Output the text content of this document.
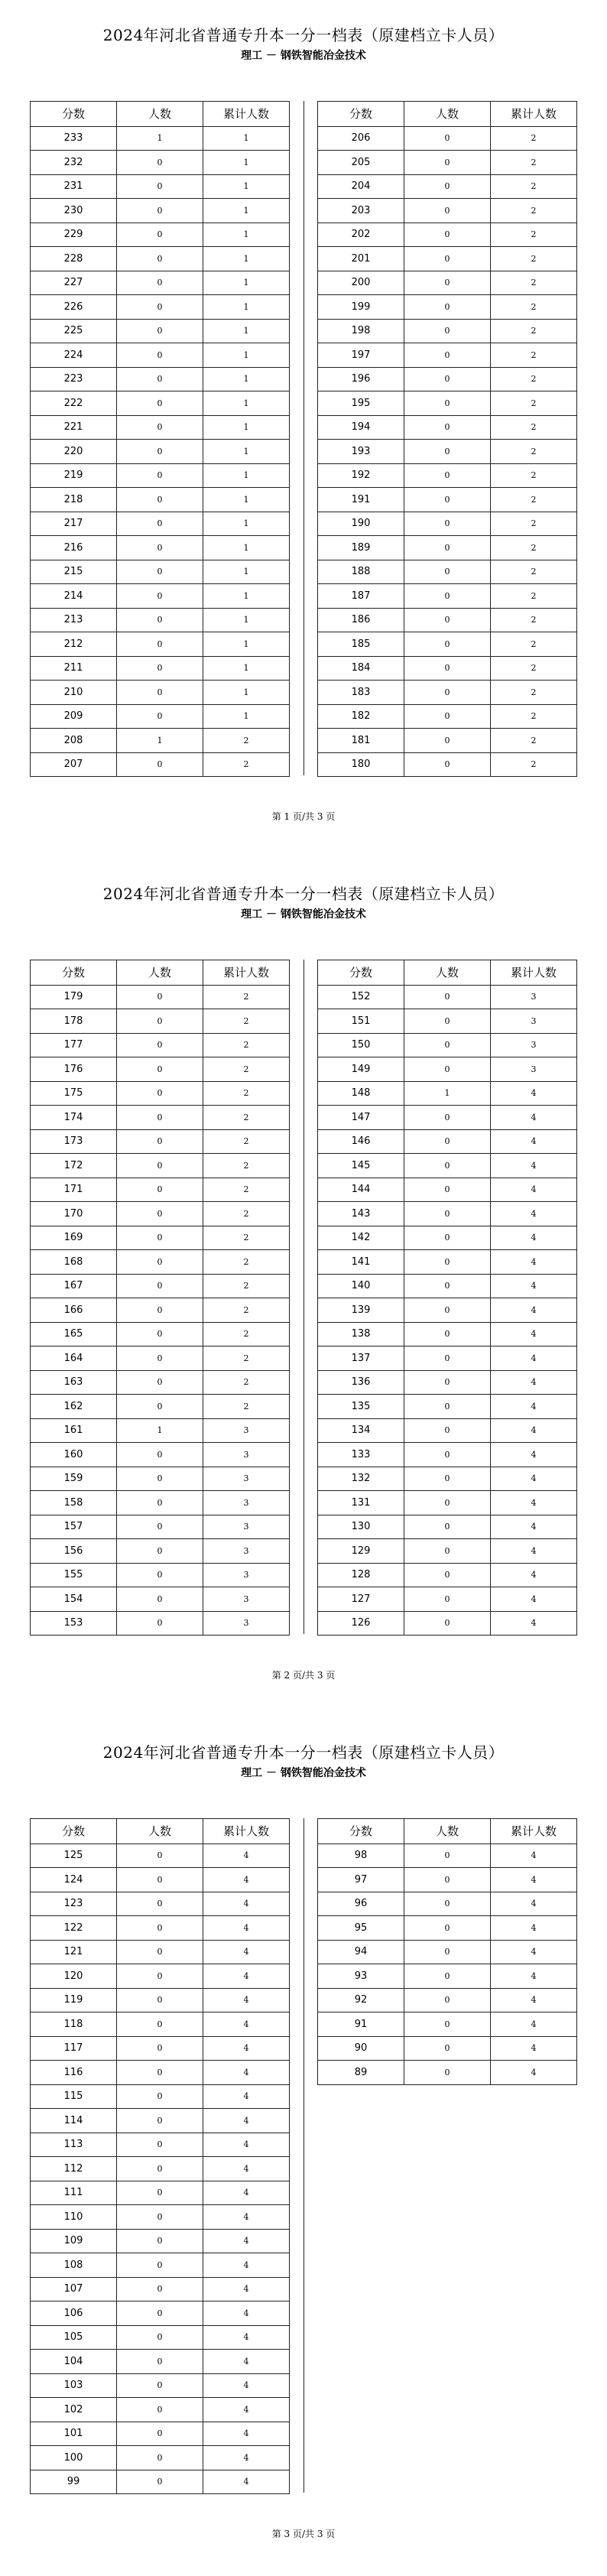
2024年河北省普通专升本一分一档表（原建档立卡人员）
理工 － 钢铁智能冶金技术
分数	人数	累计人数
233	1	1
232	0	1
231	0	1
230	0	1
229	0	1
228	0	1
227	0	1
226	0	1
225	0	1
224	0	1
223	0	1
222	0	1
221	0	1
220	0	1
219	0	1
218	0	1
217	0	1
216	0	1
215	0	1
214	0	1
213	0	1
212	0	1
211	0	1
210	0	1
209	0	1
208	1	2
207	0	2
分数	人数	累计人数
206	0	2
205	0	2
204	0	2
203	0	2
202	0	2
201	0	2
200	0	2
199	0	2
198	0	2
197	0	2
196	0	2
195	0	2
194	0	2
193	0	2
192	0	2
191	0	2
190	0	2
189	0	2
188	0	2
187	0	2
186	0	2
185	0	2
184	0	2
183	0	2
182	0	2
181	0	2
180	0	2
第 1 页/共 3 页
2024年河北省普通专升本一分一档表（原建档立卡人员）
理工 － 钢铁智能冶金技术
分数	人数	累计人数
179	0	2
178	0	2
177	0	2
176	0	2
175	0	2
174	0	2
173	0	2
172	0	2
171	0	2
170	0	2
169	0	2
168	0	2
167	0	2
166	0	2
165	0	2
164	0	2
163	0	2
162	0	2
161	1	3
160	0	3
159	0	3
158	0	3
157	0	3
156	0	3
155	0	3
154	0	3
153	0	3
分数	人数	累计人数
152	0	3
151	0	3
150	0	3
149	0	3
148	1	4
147	0	4
146	0	4
145	0	4
144	0	4
143	0	4
142	0	4
141	0	4
140	0	4
139	0	4
138	0	4
137	0	4
136	0	4
135	0	4
134	0	4
133	0	4
132	0	4
131	0	4
130	0	4
129	0	4
128	0	4
127	0	4
126	0	4
第 2 页/共 3 页
2024年河北省普通专升本一分一档表（原建档立卡人员）
理工 － 钢铁智能冶金技术
分数	人数	累计人数
125	0	4
124	0	4
123	0	4
122	0	4
121	0	4
120	0	4
119	0	4
118	0	4
117	0	4
116	0	4
115	0	4
114	0	4
113	0	4
112	0	4
111	0	4
110	0	4
109	0	4
108	0	4
107	0	4
106	0	4
105	0	4
104	0	4
103	0	4
102	0	4
101	0	4
100	0	4
99	0	4
分数	人数	累计人数
98	0	4
97	0	4
96	0	4
95	0	4
94	0	4
93	0	4
92	0	4
91	0	4
90	0	4
89	0	4
第 3 页/共 3 页
